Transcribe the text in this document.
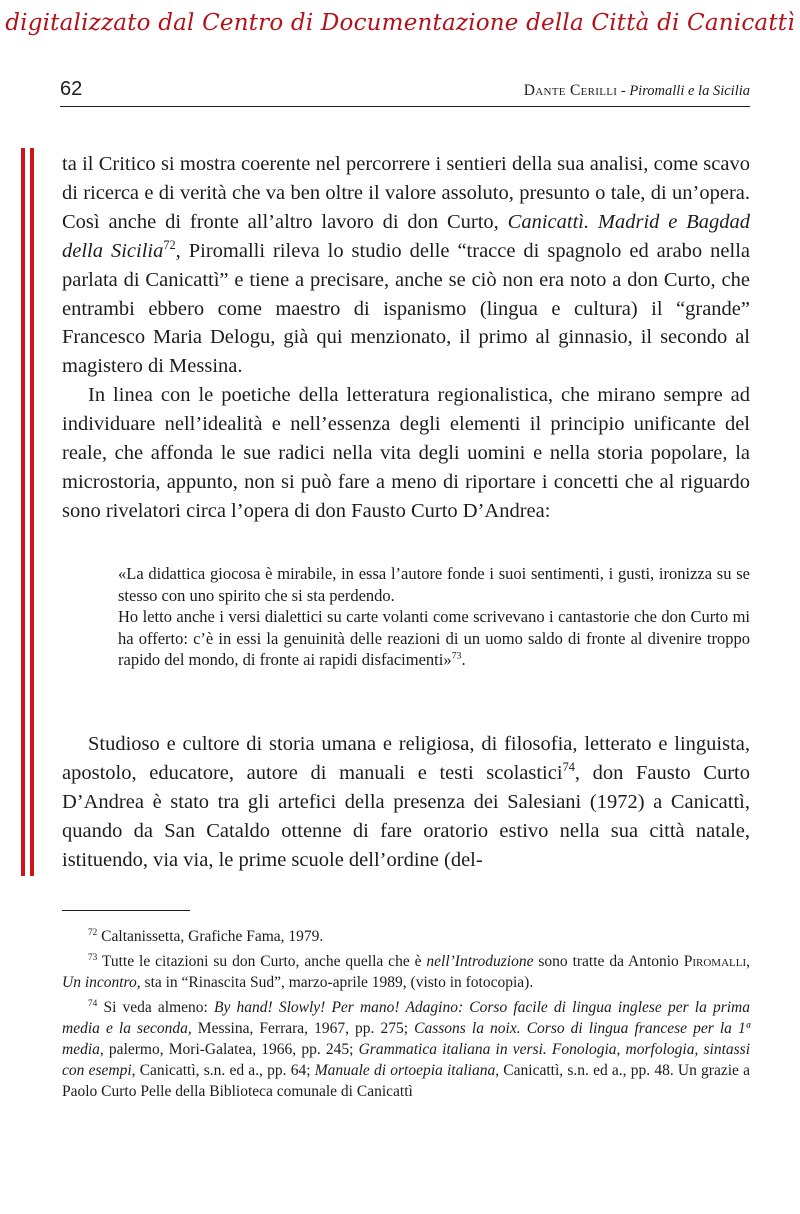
digitalizzato dal Centro di Documentazione della Città di Canicattì
62	Dante Cerilli - Piromalli e la Sicilia

ta il Critico si mostra coerente nel percorrere i sentieri della sua analisi, come scavo di ricerca e di verità che va ben oltre il valore assoluto, presunto o tale, di un’opera. Così anche di fronte all’altro lavoro di don Curto, Canicattì. Madrid e Bagdad della Sicilia$^{72}$, Piromalli rileva lo studio delle “tracce di spagnolo ed arabo nella parlata di Canicattì” e tiene a precisare, anche se ciò non era noto a don Curto, che entrambi ebbero come maestro di ispanismo (lingua e cultura) il “grande” Francesco Maria Delogu, già qui menzionato, il primo al ginnasio, il secondo al magistero di Messina.

In linea con le poetiche della letteratura regionalistica, che mirano sempre ad individuare nell’idealità e nell’essenza degli elementi il principio unificante del reale, che affonda le sue radici nella vita degli uomini e nella storia popolare, la microstoria, appunto, non si può fare a meno di riportare i concetti che al riguardo sono rivelatori circa l’opera di don Fausto Curto D’Andrea:

«La didattica giocosa è mirabile, in essa l’autore fonde i suoi sentimenti, i gusti, ironizza su se stesso con uno spirito che si sta perdendo.

Ho letto anche i versi dialettici su carte volanti come scrivevano i cantastorie che don Curto mi ha offerto: c’è in essi la genuinità delle reazioni di un uomo saldo di fronte al divenire troppo rapido del mondo, di fronte ai rapidi disfacimenti»$^{73}$.

Studioso e cultore di storia umana e religiosa, di filosofia, letterato e linguista, apostolo, educatore, autore di manuali e testi scolastici$^{74}$, don Fausto Curto D’Andrea è stato tra gli artefici della presenza dei Salesiani (1972) a Canicattì, quando da San Cataldo ottenne di fare oratorio estivo nella sua città natale, istituendo, via via, le prime scuole dell’ordine (del-

$^{72}$ Caltanissetta, Grafiche Fama, 1979.

$^{73}$ Tutte le citazioni su don Curto, anche quella che è nell’Introduzione sono tratte da Antonio Piromalli, Un incontro, sta in “Rinascita Sud”, marzo-aprile 1989, (visto in fotocopia).

$^{74}$ Si veda almeno: By hand! Slowly! Per mano! Adagino: Corso facile di lingua inglese per la prima media e la seconda, Messina, Ferrara, 1967, pp. 275; Cassons la noix. Corso di lingua francese per la 1ª media, palermo, Mori-Galatea, 1966, pp. 245; Grammatica italiana in versi. Fonologia, morfologia, sintassi con esempi, Canicattì, s.n. ed a., pp. 64; Manuale di ortoepia italiana, Canicattì, s.n. ed a., pp. 48. Un grazie a Paolo Curto Pelle della Biblioteca comunale di Canicattì
